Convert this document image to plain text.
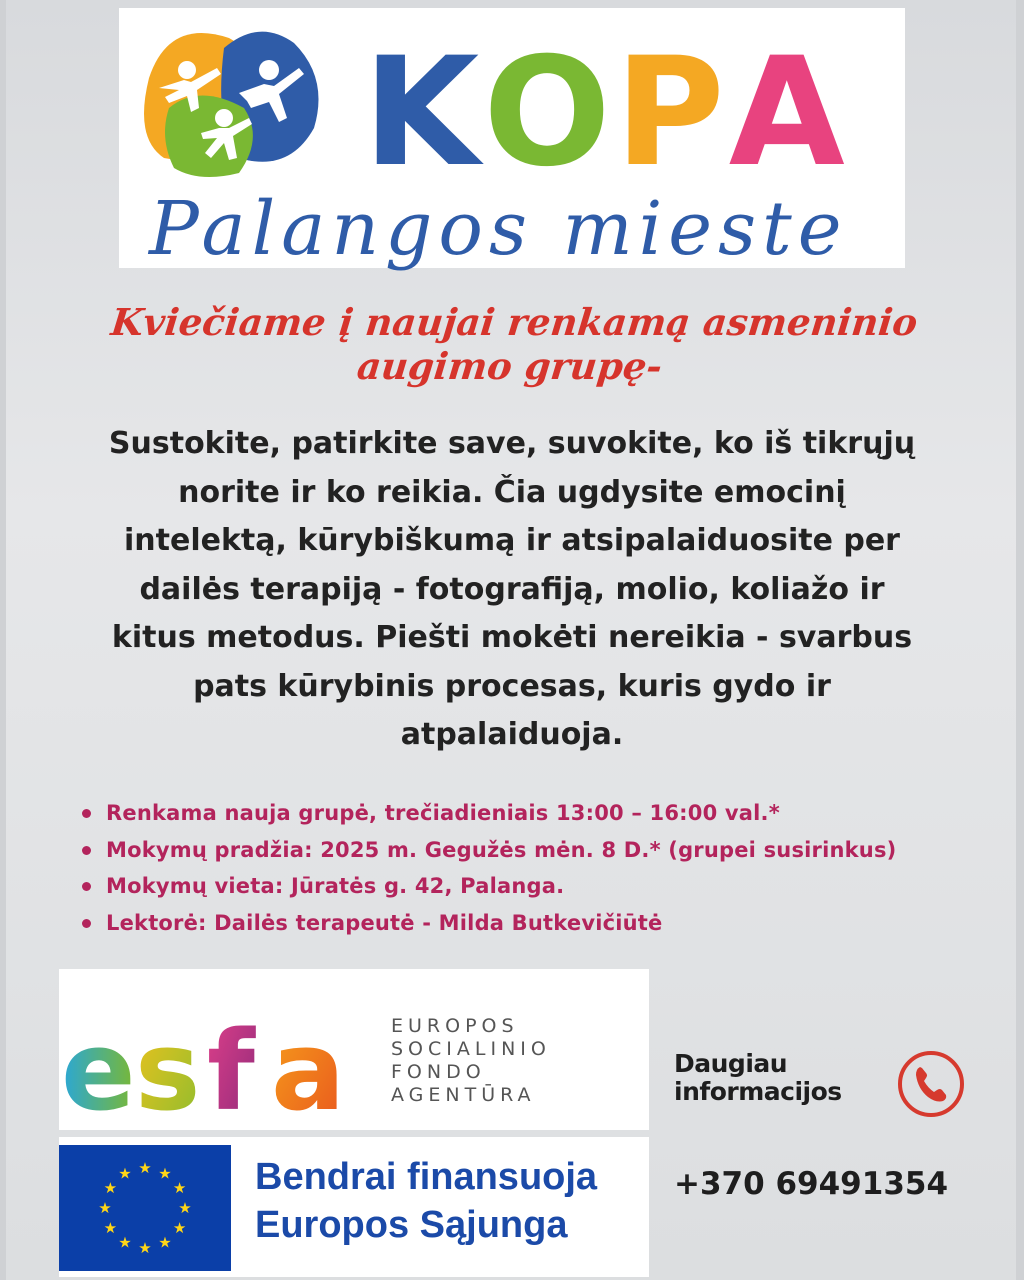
K O P A
Palangos mieste
Kviečiame į naujai renkamą asmeninio
augimo grupę-
Sustokite, patirkite save, suvokite, ko iš tikrųjų
norite ir ko reikia. Čia ugdysite emocinį
intelektą, kūrybiškumą ir atsipalaiduosite per
dailės terapiją - fotografiją, molio, koliažo ir
kitus metodus. Piešti mokėti nereikia - svarbus
pats kūrybinis procesas, kuris gydo ir
atpalaiduoja.
Renkama nauja grupė, trečiadieniais 13:00 – 16:00 val.*
Mokymų pradžia: 2025 m. Gegužės mėn. 8 D.* (grupei susirinkus)
Mokymų vieta: Jūratės g. 42, Palanga.
Lektorė: Dailės terapeutė - Milda Butkevičiūtė
e s f a EUROPOS
SOCIALINIO
FONDO
AGENTŪRA
★ ★
★
★
★
★
★
★
★
★
★
★	Bendrai finansuoja
Europos Sąjunga
Daugiau
informacijos
+370 69491354
